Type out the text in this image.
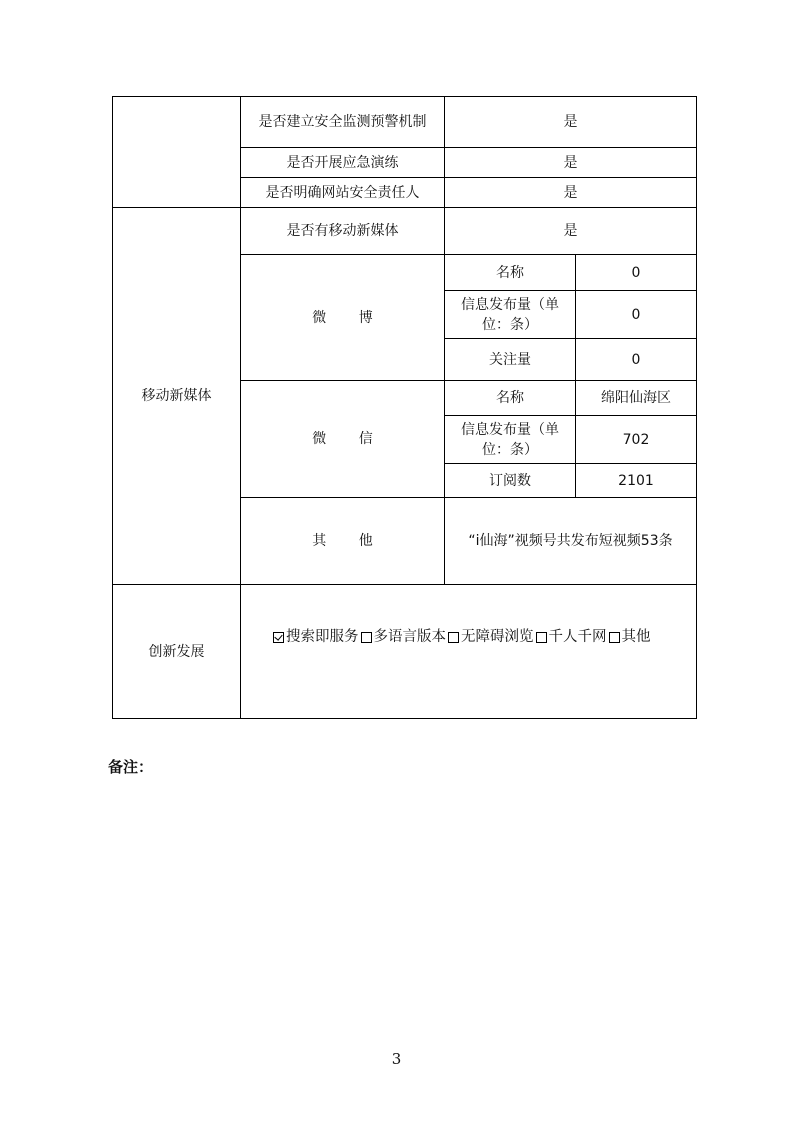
	是否建立安全监测预警机制	是	
	是否开展应急演练	是	
	是否明确网站安全责任人	是	
移动新媒体	是否有移动新媒体	是	
	微 博	名称	0
		信息发布量（单位：条）	0
		关注量	0
	微 信	名称	绵阳仙海区
		信息发布量（单位：条）	702
		订阅数	2101
	其 他	“i仙海”视频号共发布短视频53条	
创新发展	搜索即服务 多语言版本 无障碍浏览 千人千网 其他		
备注：
3
